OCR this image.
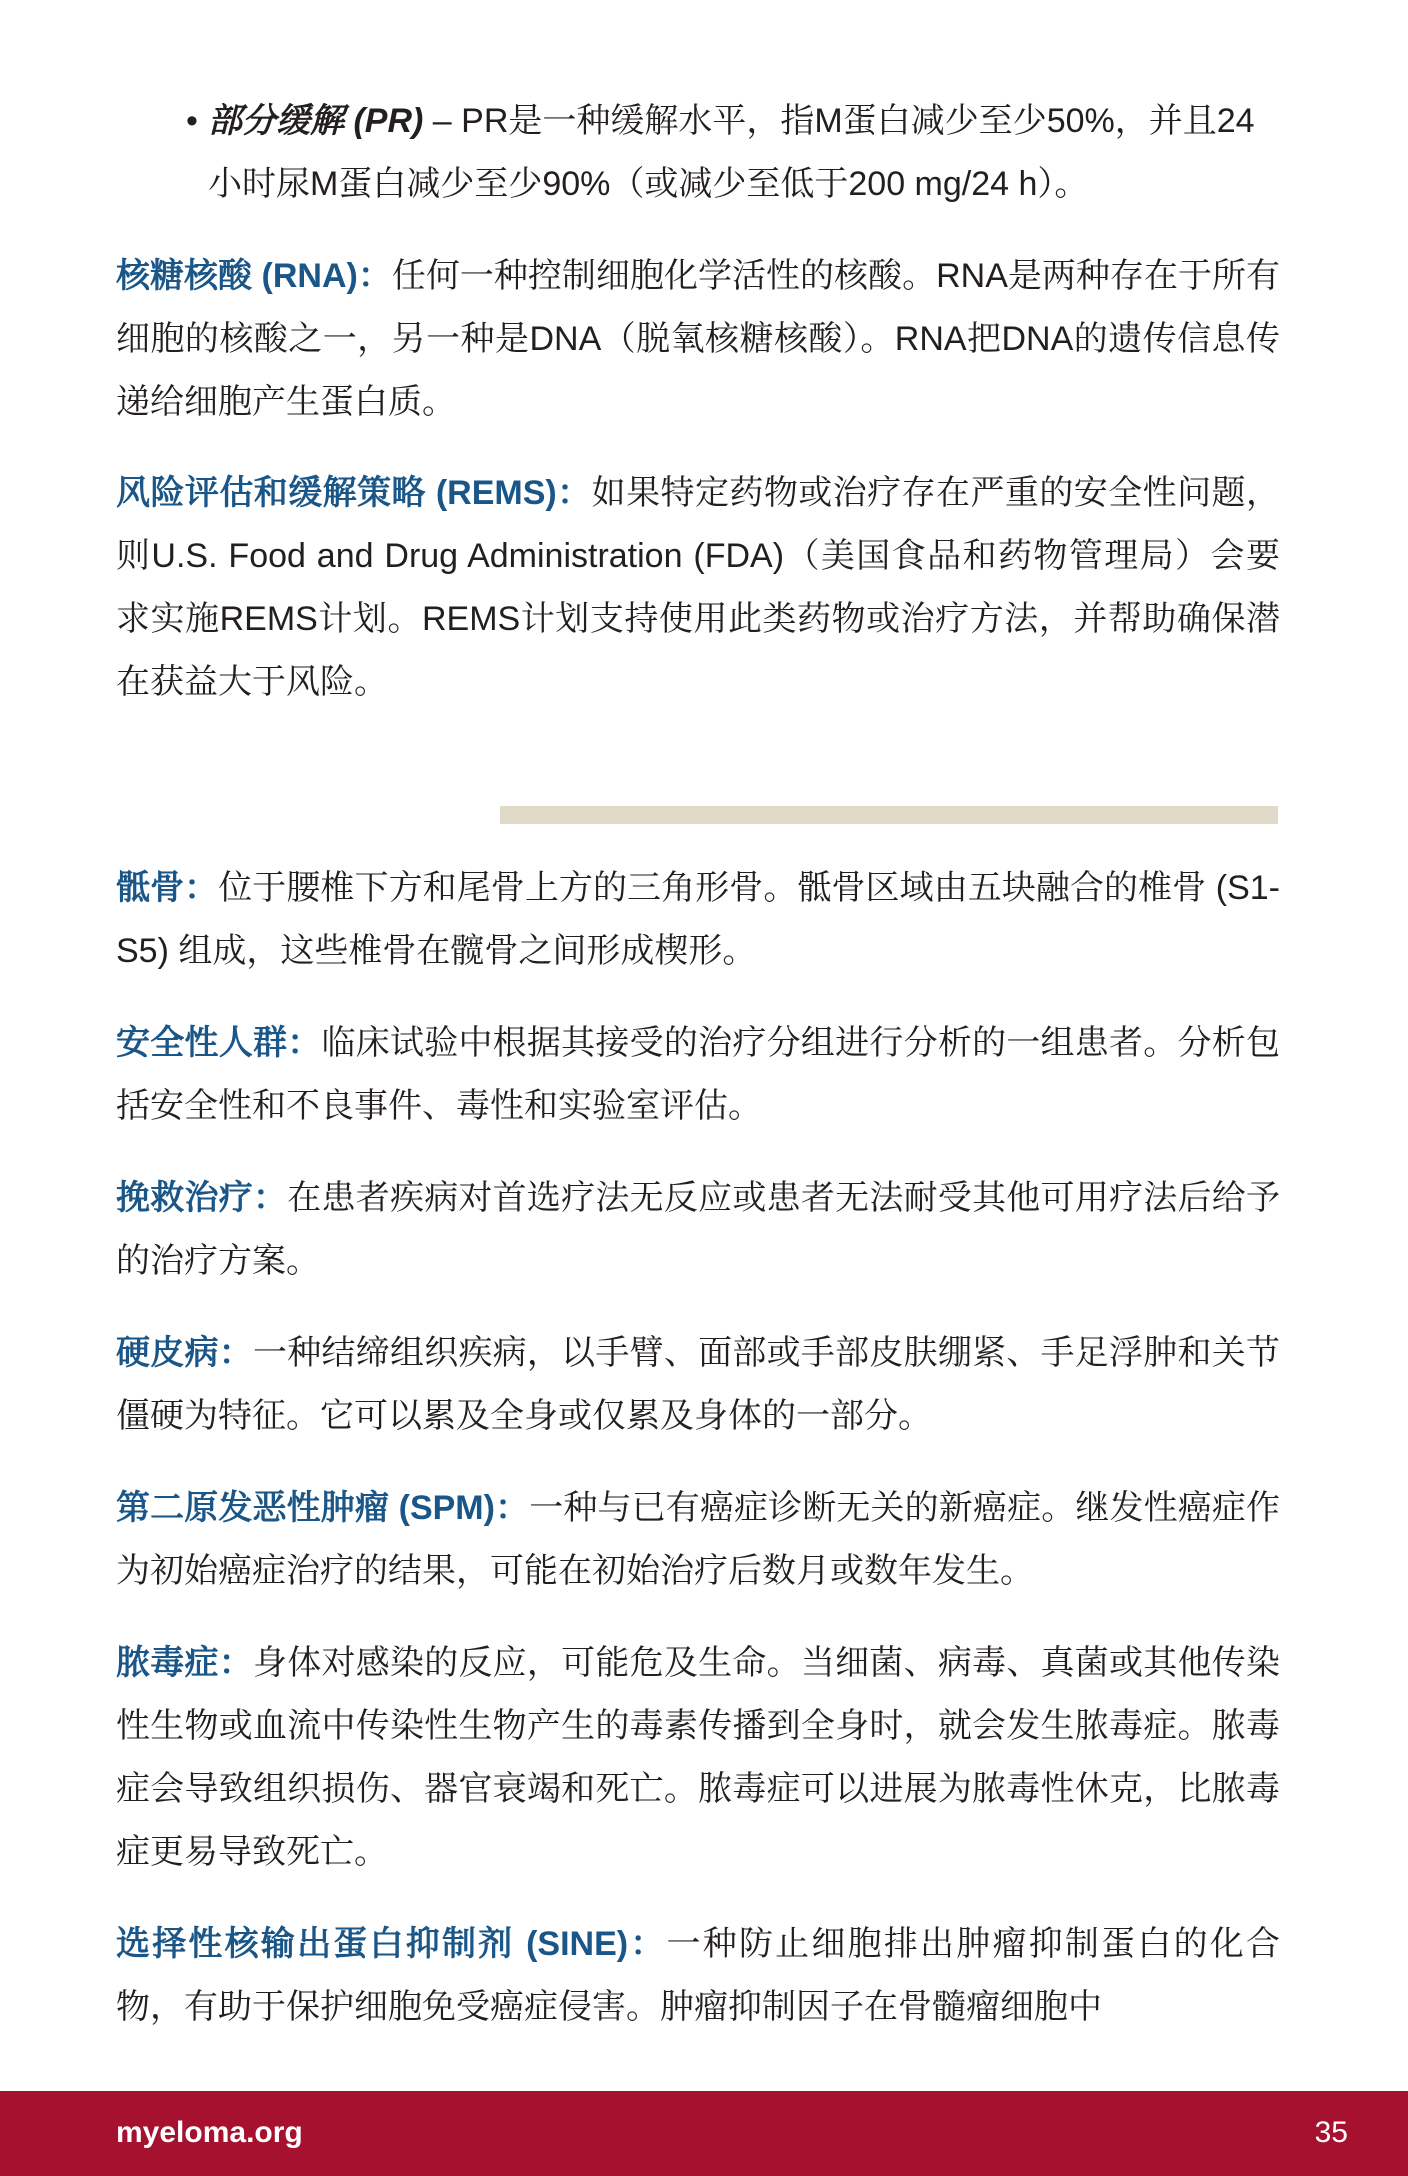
• 部分缓解 (PR) – PR是一种缓解水平，指M蛋白减少至少50%，并且24小时尿M蛋白减少至少90%（或减少至低于200 mg/24 h）。
核糖核酸 (RNA)：任何一种控制细胞化学活性的核酸。RNA是两种存在于所有细胞的核酸之一，另一种是DNA（脱氧核糖核酸）。RNA把DNA的遗传信息传递给细胞产生蛋白质。
风险评估和缓解策略 (REMS)：如果特定药物或治疗存在严重的安全性问题，则U.S. Food and Drug Administration (FDA)（美国食品和药物管理局）会要求实施REMS计划。REMS计划支持使用此类药物或治疗方法，并帮助确保潜在获益大于风险。
骶骨：位于腰椎下方和尾骨上方的三角形骨。骶骨区域由五块融合的椎骨 (S1-S5) 组成，这些椎骨在髋骨之间形成楔形。
安全性人群：临床试验中根据其接受的治疗分组进行分析的一组患者。分析包括安全性和不良事件、毒性和实验室评估。
挽救治疗：在患者疾病对首选疗法无反应或患者无法耐受其他可用疗法后给予的治疗方案。
硬皮病：一种结缔组织疾病，以手臂、面部或手部皮肤绷紧、手足浮肿和关节僵硬为特征。它可以累及全身或仅累及身体的一部分。
第二原发恶性肿瘤 (SPM)：一种与已有癌症诊断无关的新癌症。继发性癌症作为初始癌症治疗的结果，可能在初始治疗后数月或数年发生。
脓毒症：身体对感染的反应，可能危及生命。当细菌、病毒、真菌或其他传染性生物或血流中传染性生物产生的毒素传播到全身时，就会发生脓毒症。脓毒症会导致组织损伤、器官衰竭和死亡。脓毒症可以进展为脓毒性休克，比脓毒症更易导致死亡。
选择性核输出蛋白抑制剂 (SINE)：一种防止细胞排出肿瘤抑制蛋白的化合物，有助于保护细胞免受癌症侵害。肿瘤抑制因子在骨髓瘤细胞中
myeloma.org	35
